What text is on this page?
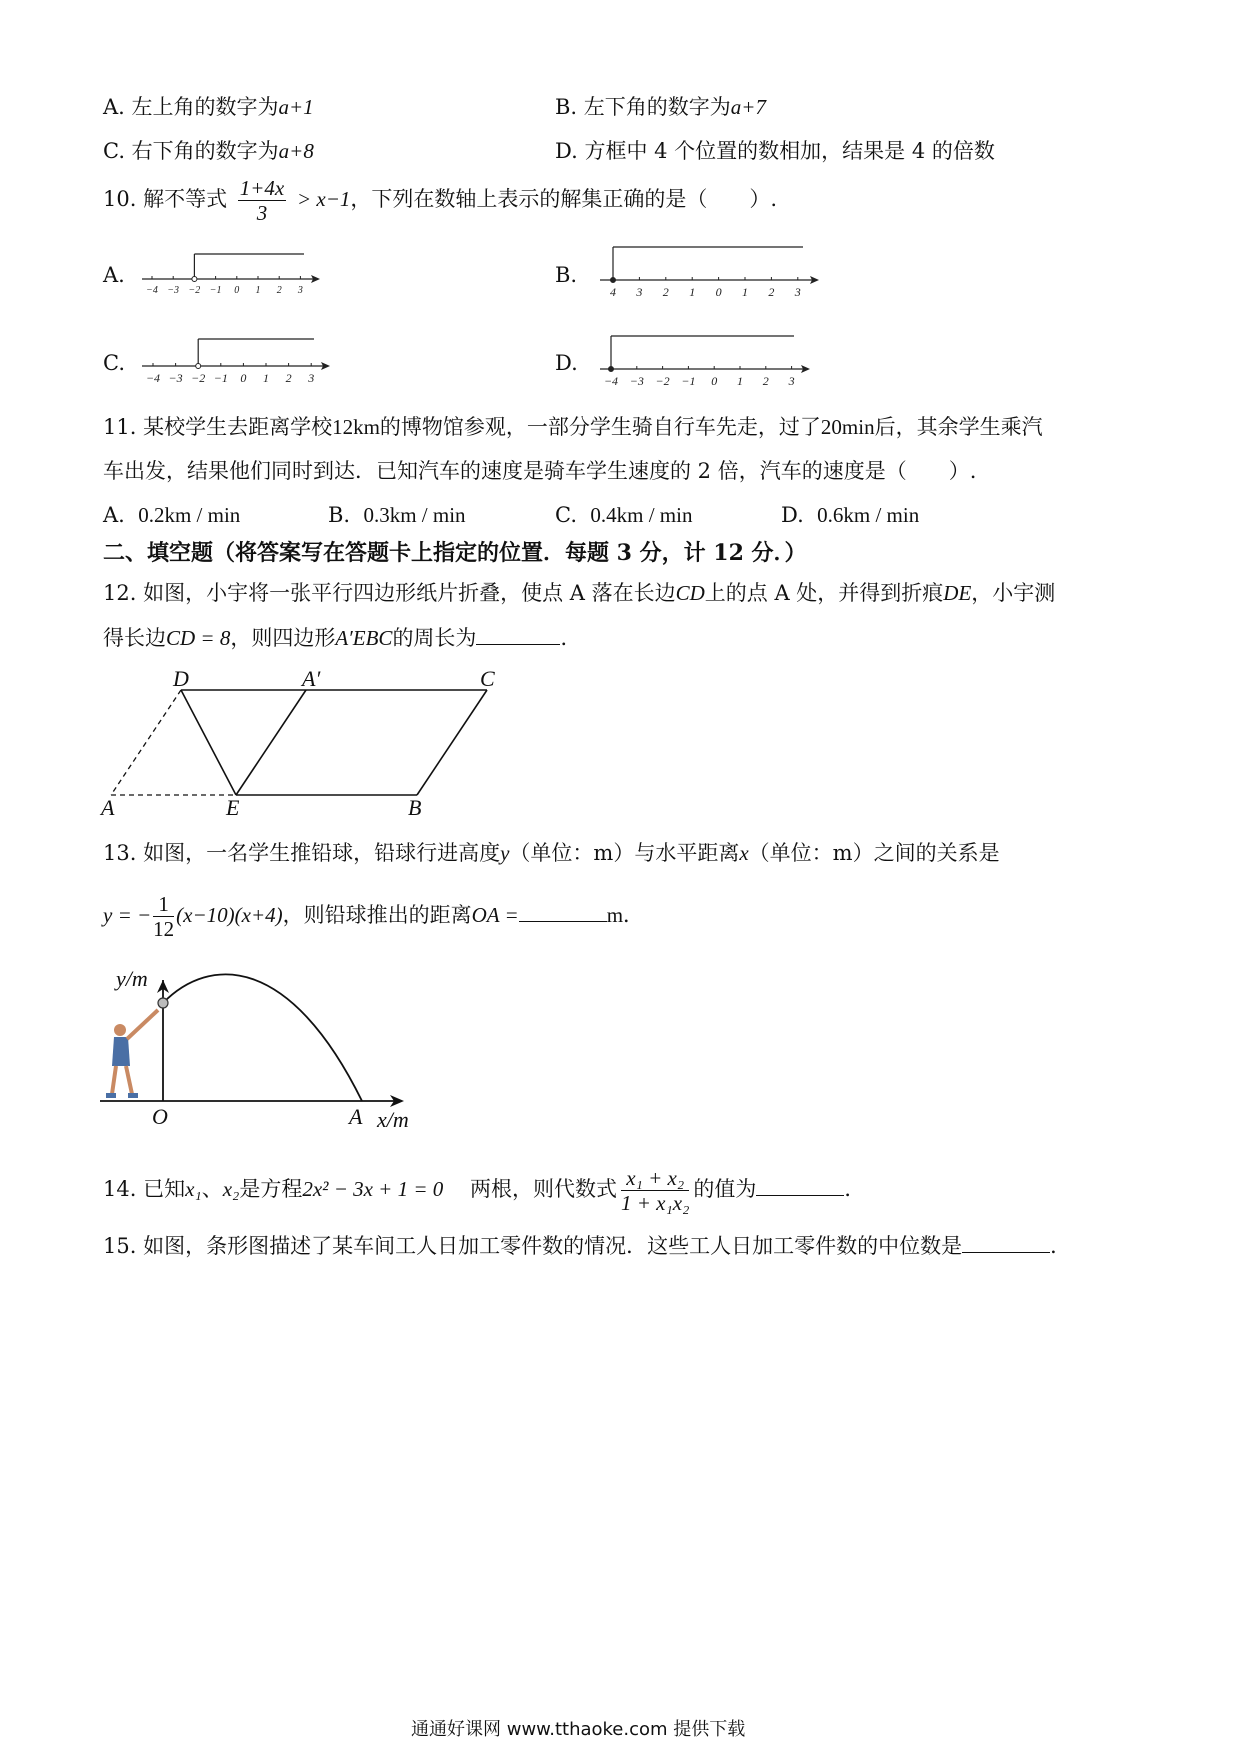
A. 左上角的数字为a+1	B. 左下角的数字为a+7
C. 右下角的数字为a+8	D. 方框中 4 个位置的数相加，结果是 4 的倍数
10. 解不等式 $\frac{1+4x}{3} > x-1$，下列在数轴上表示的解集正确的是（　　）.
A.	B.
C.	D.
−4 −3 −2 −1 0 1 2 3	4 3 2 1 0 1 2 3
−4 −3 −2 −1 0 1 2 3	−4 −3 −2 −1 0 1 2 3
11. 某校学生去距离学校12km的博物馆参观，一部分学生骑自行车先走，过了20min后，其余学生乘汽
车出发，结果他们同时到达．已知汽车的速度是骑车学生速度的 2 倍，汽车的速度是（　　）.
A. 0.2km / min	B. 0.3km / min	C. 0.4km / min	D. 0.6km / min
二、填空题（将答案写在答题卡上指定的位置．每题 3 分，计 12 分．）
12. 如图，小宇将一张平行四边形纸片折叠，使点 A 落在长边CD上的点 A 处，并得到折痕DE，小宇测
得长边CD = 8，则四边形A′EBC的周长为	．
D	A′	C
A	E	B
13. 如图，一名学生推铅球，铅球行进高度y（单位：m）与水平距离x（单位：m）之间的关系是
y = − $\frac{1}{12} (x-10)(x+4)$，则铅球推出的距离OA =	m．
y/m
x/m
O	A
14. 已知x₁、x₂是方程2x² − 3x + 1 = 0 两根，则代数式 $\frac{\text{x₁ + x₂}}{\text{1 + x₁x₂}}$ 的值为	．
15. 如图，条形图描述了某车间工人日加工零件数的情况．这些工人日加工零件数的中位数是	．
通通好课网 www.tthaoke.com 提供下载
